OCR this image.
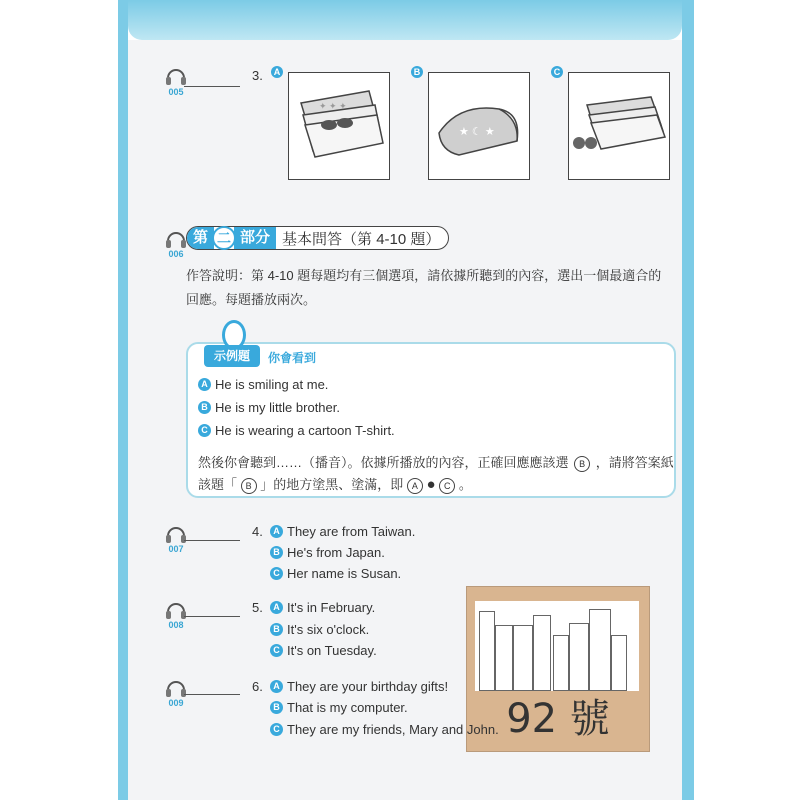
005
3.	A
✦ ✦ ✦
B
★ ☾ ★
C
006
第 二 部分 基本問答（第 4-10 題）
作答說明：第 4-10 題每題均有三個選項，請依據所聽到的內容，選出一個最適合的回應。每題播放兩次。
示例題	你會看到
A He is smiling at me.
B He is my little brother.
C He is wearing a cartoon T-shirt.
然後你會聽到……（播音）。依據所播放的內容，正確回應應該選 B ，請將答案紙
該題「 B 」的地方塗黑、塗滿，即 A ● C 。
007
4.	A They are from Taiwan.
B He's from Japan.
C Her name is Susan.
008
5.	A It's in February.
B It's six o'clock.
C It's on Tuesday.
009
6.	A They are your birthday gifts!
B That is my computer.	92 號
C They are my friends, Mary and John.
